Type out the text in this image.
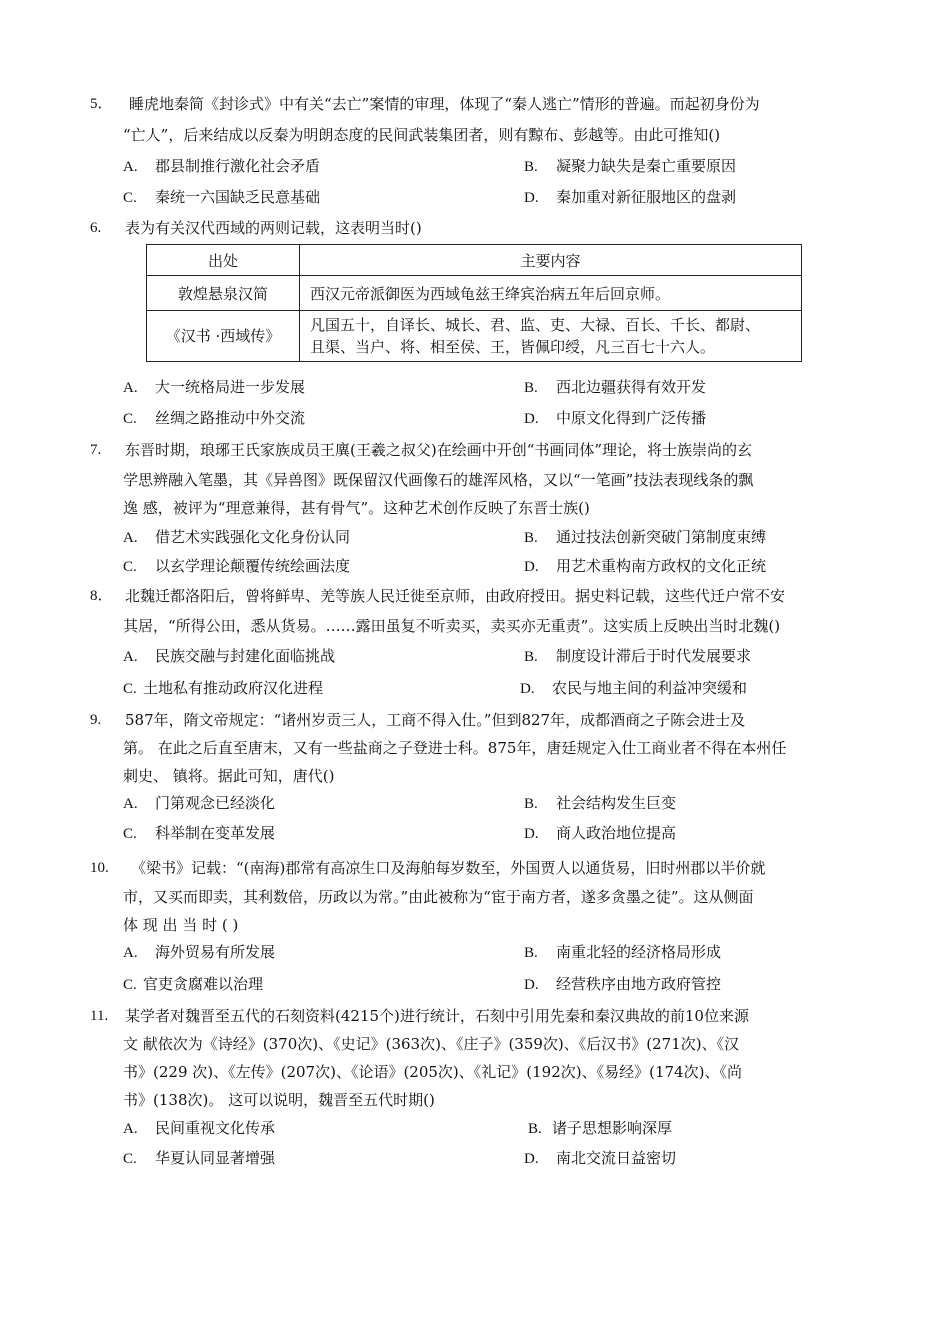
5． 睡虎地秦简《封诊式》中有关“去亡”案情的审理，体现了“秦人逃亡”情形的普遍。而起初身份为
“亡人”，后来结成以反秦为明朗态度的民间武装集团者，则有黥布、彭越等。由此可推知()
A. 郡县制推行激化社会矛盾	B. 凝聚力缺失是秦亡重要原因
C. 秦统一六国缺乏民意基础	D. 秦加重对新征服地区的盘剥
6. 表为有关汉代西域的两则记载，这表明当时()
出处	主要内容
敦煌悬泉汉简	西汉元帝派御医为西域龟兹王绛宾治病五年后回京师。
《汉书 ·西域传》	凡国五十，自译长、城长、君、监、吏、大禄、百长、千长、都尉、
且渠、当户、将、相至侯、王，皆佩印绶，凡三百七十六人。
A. 大一统格局进一步发展	B. 西北边疆获得有效开发
C. 丝绸之路推动中外交流	D. 中原文化得到广泛传播
7. 东晋时期，琅琊王氏家族成员王廙(王羲之叔父)在绘画中开创“书画同体”理论，将士族崇尚的玄
学思辨融入笔墨，其《异兽图》既保留汉代画像石的雄浑风格，又以“一笔画”技法表现线条的飘
逸 感，被评为“理意兼得，甚有骨气”。这种艺术创作反映了东晋士族()
A. 借艺术实践强化文化身份认同	B. 通过技法创新突破门第制度束缚
C. 以玄学理论颠覆传统绘画法度	D. 用艺术重构南方政权的文化正统
8． 北魏迁都洛阳后，曾将鲜卑、羌等族人民迁徙至京师，由政府授田。据史料记载，这些代迁户常不安
其居，“所得公田，悉从货易。……露田虽复不听卖买，卖买亦无重责”。这实质上反映出当时北魏()
A. 民族交融与封建化面临挑战	B. 制度设计滞后于时代发展要求
C. 土地私有推动政府汉化进程	D. 农民与地主间的利益冲突缓和
9. 587年，隋文帝规定：“诸州岁贡三人，工商不得入仕。”但到827年，成都酒商之子陈会进士及
第。 在此之后直至唐末，又有一些盐商之子登进士科。875年，唐廷规定入仕工商业者不得在本州任
刺史、 镇将。据此可知，唐代()
A. 门第观念已经淡化	B. 社会结构发生巨变
C. 科举制在变革发展	D. 商人政治地位提高
10. 《梁书》记载：“(南海)郡常有高凉生口及海舶每岁数至，外国贾人以通货易，旧时州郡以半价就
市，又买而即卖，其利数倍，历政以为常。”由此被称为“宦于南方者，遂多贪墨之徒”。这从侧面
体 现 出 当 时 ( )
A. 海外贸易有所发展	B. 南重北轻的经济格局形成
C. 官吏贪腐难以治理	D. 经营秩序由地方政府管控
11. 某学者对魏晋至五代的石刻资料(4215个)进行统计，石刻中引用先秦和秦汉典故的前10位来源
文 献依次为《诗经》(370次)、《史记》(363次)、《庄子》(359次)、《后汉书》(271次)、《汉
书》(229 次)、《左传》(207次)、《论语》(205次)、《礼记》(192次)、《易经》(174次)、《尚
书》(138次)。 这可以说明，魏晋至五代时期()
A. 民间重视文化传承	B. 诸子思想影响深厚
C. 华夏认同显著增强	D. 南北交流日益密切
